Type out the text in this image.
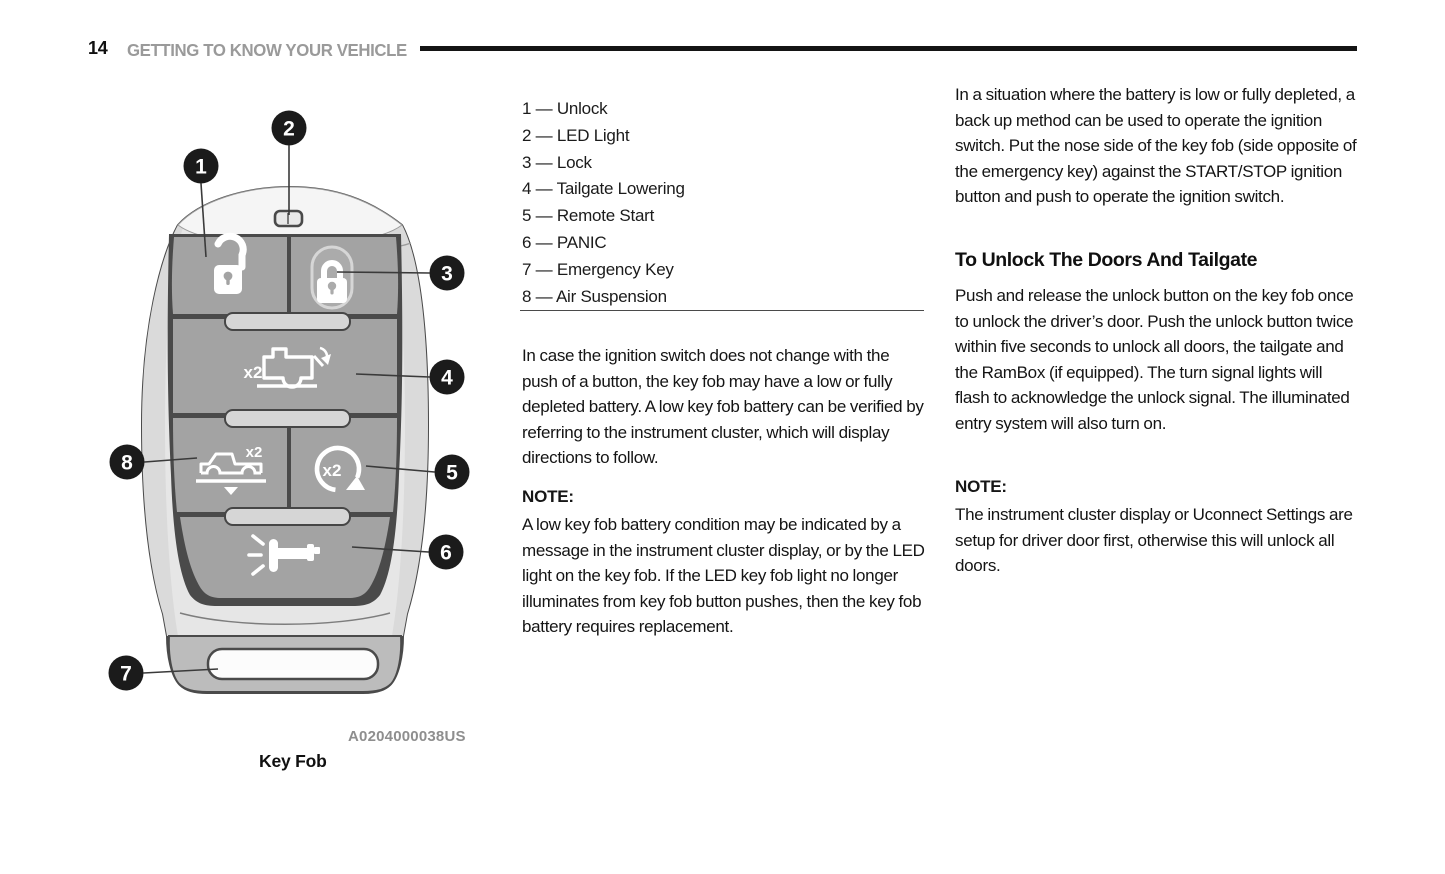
14 GETTING TO KNOW YOUR VEHICLE
x2
x2
x2
1
2
3
4
5
6
7
8
A0204000038US
Key Fob
1 — Unlock
2 — LED Light
3 — Lock
4 — Tailgate Lowering
5 — Remote Start
6 — PANIC
7 — Emergency Key
8 — Air Suspension
In case the ignition switch does not change with the push of a button, the key fob may have a low or fully depleted battery. A low key fob battery can be verified by referring to the instrument cluster, which will display directions to follow.
NOTE:
A low key fob battery condition may be indicated by a message in the instrument cluster display, or by the LED light on the key fob. If the LED key fob light no longer illuminates from key fob button pushes, then the key fob battery requires replacement.
In a situation where the battery is low or fully depleted, a back up method can be used to operate the ignition switch. Put the nose side of the key fob (side opposite of the emergency key) against the START/STOP ignition button and push to operate the ignition switch.
To Unlock The Doors And Tailgate
Push and release the unlock button on the key fob once to unlock the driver’s door. Push the unlock button twice within five seconds to unlock all doors, the tailgate and the RamBox (if equipped). The turn signal lights will flash to acknowledge the unlock signal. The illuminated entry system will also turn on.
NOTE:
The instrument cluster display or Uconnect Settings are setup for driver door first, otherwise this will unlock all doors.
